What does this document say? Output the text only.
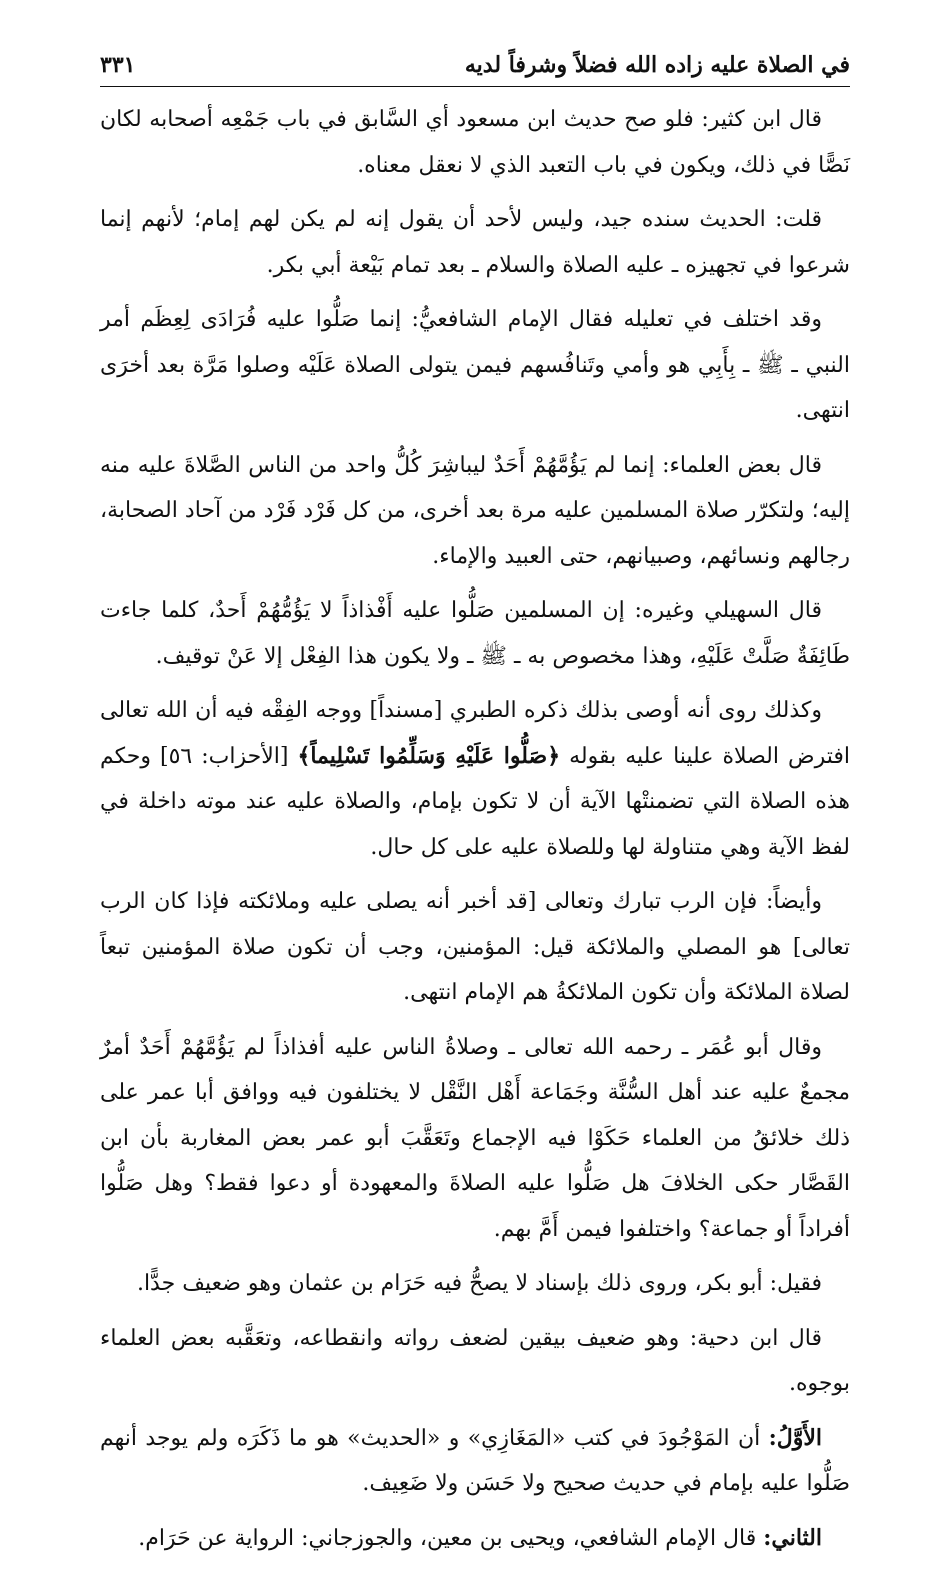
في الصلاة عليه زاده الله فضلاً وشرفاً لديه
٣٣١

قال ابن كثير: فلو صح حديث ابن مسعود أي السَّابق في باب جَمْعِه أصحابه لكان نَصًّا في ذلك، ويكون في باب التعبد الذي لا نعقل معناه.

قلت: الحديث سنده جيد، وليس لأحد أن يقول إنه لم يكن لهم إمام؛ لأنهم إنما شرعوا في تجهيزه ـ عليه الصلاة والسلام ـ بعد تمام بَيْعة أبي بكر.

وقد اختلف في تعليله فقال الإمام الشافعيُّ: إنما صَلُّوا عليه فُرَادَى لِعِظَم أمر النبي ـ ﷺ ـ بِأَبِي هو وأمي وتَنافُسهم فيمن يتولى الصلاة عَلَيْه وصلوا مَرَّة بعد أخرَى انتهى.

قال بعض العلماء: إنما لم يَؤُمَّهُمْ أَحَدٌ ليباشِرَ كُلُّ واحد من الناس الصَّلاةَ عليه منه إليه؛ ولتكرّر صلاة المسلمين عليه مرة بعد أخرى، من كل فَرْد فَرْد من آحاد الصحابة، رجالهم ونسائهم، وصبيانهم، حتى العبيد والإماء.

قال السهيلي وغيره: إن المسلمين صَلُّوا عليه أَفْذاذاً لا يَؤُمُّهُمْ أَحدٌ، كلما جاءت طَائِفَةٌ صَلَّتْ عَلَيْهِ، وهذا مخصوص به ـ ﷺ ـ ولا يكون هذا الفِعْل إلا عَنْ توقيف.

وكذلك روى أنه أوصى بذلك ذكره الطبري [مسنداً] ووجه الفِقْه فيه أن الله تعالى افترض الصلاة علينا عليه بقوله ﴿صَلُّوا عَلَيْهِ وَسَلِّمُوا تَسْلِيماً﴾ [الأحزاب: ٥٦] وحكم هذه الصلاة التي تضمنتْها الآية أن لا تكون بإمام، والصلاة عليه عند موته داخلة في لفظ الآية وهي متناولة لها وللصلاة عليه على كل حال.

وأيضاً: فإن الرب تبارك وتعالى [قد أخبر أنه يصلى عليه وملائكته فإذا كان الرب تعالى] هو المصلي والملائكة قيل: المؤمنين، وجب أن تكون صلاة المؤمنين تبعاً لصلاة الملائكة وأن تكون الملائكةُ هم الإمام انتهى.

وقال أبو عُمَر ـ رحمه الله تعالى ـ وصلاةُ الناس عليه أفذاذاً لم يَؤُمَّهُمْ أَحَدٌ أمرٌ مجمعٌ عليه عند أهل السُّنَّة وجَمَاعة أَهْل النَّقْل لا يختلفون فيه ووافق أبا عمر على ذلك خلائقُ من العلماء حَكَوْا فيه الإجماع وتَعَقَّبَ أبو عمر بعض المغاربة بأن ابن القَصَّار حكى الخلافَ هل صَلُّوا عليه الصلاةَ والمعهودة أو دعوا فقط؟ وهل صَلُّوا أفراداً أو جماعة؟ واختلفوا فيمن أَمَّ بهم.

فقيل: أبو بكر، وروى ذلك بإسناد لا يصحُّ فيه حَرَام بن عثمان وهو ضعيف جدًّا.

قال ابن دحية: وهو ضعيف بيقين لضعف رواته وانقطاعه، وتعَقَّبه بعض العلماء بوجوه.

الأَوَّلُ: أن المَوْجُودَ في كتب «المَغَازِي» و «الحديث» هو ما ذَكَرَه ولم يوجد أنهم صَلُّوا عليه بإمام في حديث صحيح ولا حَسَن ولا ضَعِيف.

الثاني: قال الإمام الشافعي، ويحيى بن معين، والجوزجاني: الرواية عن حَرَام.
